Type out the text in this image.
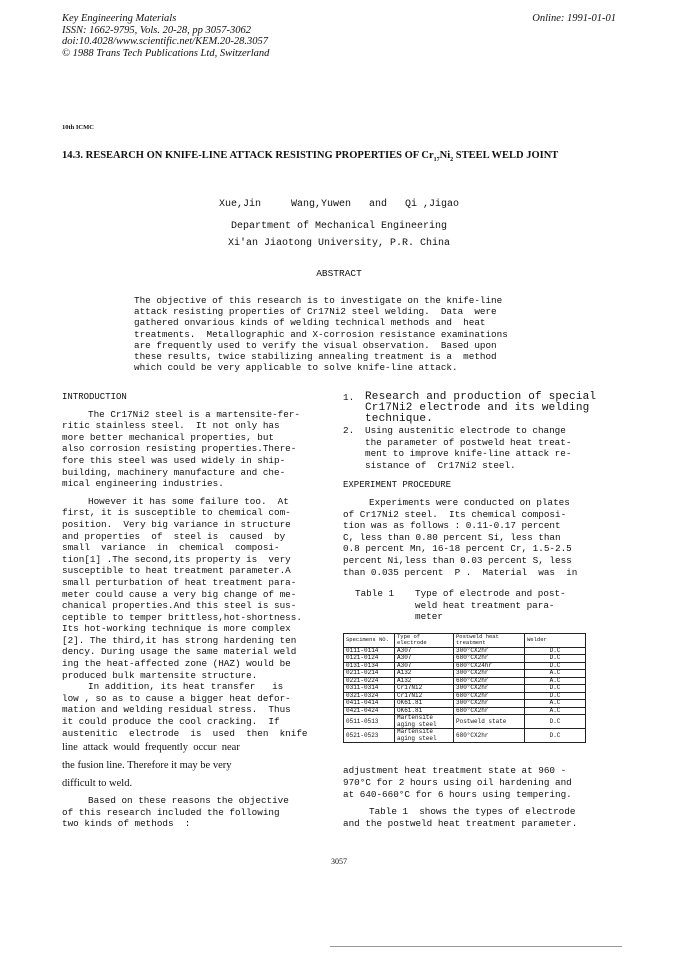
Key Engineering Materials
ISSN: 1662-9795, Vols. 20-28, pp 3057-3062
doi:10.4028/www.scientific.net/KEM.20-28.3057
© 1988 Trans Tech Publications Ltd, Switzerland
Online: 1991-01-01
10th ICMC
14.3. RESEARCH ON KNIFE-LINE ATTACK RESISTING PROPERTIES OF $Cr_{17}Ni_2$ STEEL WELD JOINT
Xue,Jin     Wang,Yuwen   and   Qi ,Jigao
Department of Mechanical Engineering
Xi'an Jiaotong University, P.R. China
ABSTRACT
The objective of this research is to investigate on the knife-line
attack resisting properties of Cr17Ni2 steel welding.  Data  were
gathered onvarious kinds of welding technical methods and  heat
treatments.  Metallographic and X-corrosion resistance examinations
are frequently used to verify the visual observation.  Based upon
these results, twice stabilizing annealing treatment is a  method
which could be very applicable to solve knife-line attack.
INTRODUCTION
The Cr17Ni2 steel is a martensite-fer-
ritic stainless steel.  It not only has
more better mechanical properties, but
also corrosion resisting properties.There-
fore this steel was used widely in ship-
building, machinery manufacture and che-
mical engineering industries.
However it has some failure too.  At
first, it is susceptible to chemical com-
position.  Very big variance in structure
and properties  of  steel is  caused  by
small  variance  in  chemical  composi-
tion[1] .The second,its property is  very
susceptible to heat treatment parameter.A
small perturbation of heat treatment para-
meter could cause a very big change of me-
chanical properties.And this steel is sus-
ceptible to temper brittless,hot-shortness.
Its hot-working technique is more complex
[2]. The third,it has strong hardening ten
dency. During usage the same material weld
ing the heat-affected zone (HAZ) would be
produced bulk martensite structure.
In addition, its heat transfer   is
low , so as to cause a bigger heat defor-
mation and welding residual stress.  Thus
it could produce the cool cracking.  If
austenitic  electrode  is  used  then  knife
line  attack  would  frequently  occur  near
the fusion line. Therefore it may be very
difficult to weld.
Based on these reasons the objective
of this research included the following
two kinds of methods  :
1. Research and production of special
Cr17Ni2 electrode and its welding
technique.
2.	Using austenitic electrode to change
the parameter of postweld heat treat-
ment to improve knife-line attack re-
sistance of  Cr17Ni2 steel.
EXPERIMENT PROCEDURE
Experiments were conducted on plates
of Cr17Ni2 steel.  Its chemical composi-
tion was as follows : 0.11-0.17 percent
C, less than 0.80 percent Si, less than
0.8 percent Mn, 16-18 percent Cr, 1.5-2.5
percent Ni,less than 0.03 percent S, less
than 0.035 percent  P .  Material  was  in
Table 1	Type of electrode and post-
weld heat treatment para-
meter
Specimens NO.	Type of electrode	Postweld heat treatment	Welder
0111-0114	A307	300°CX2hr	D.C
0121-0124	A307	680°CX2hr	D.C
0131-0134	A307	680°CX24hr	D.C
0211-0214	A132	300°CX2hr	A.C
0221-0224	A132	680°CX2hr	A.C
0311-0314	Cr17Ni2	300°CX2hr	D.C
0321-0324	Cr17Ni2	680°CX2hr	D.C
0411-0414	OK61.81	300°CX2hr	A.C
0421-0424	OK61.81	680°CX2hr	A.C
0511-0513	Martensite aging steel	Postweld state	D.C
0521-0523	Martensite aging steel	680°CX2hr	D.C
adjustment heat treatment state at 960 -
970°C for 2 hours using oil hardening and
at 640-660°C for 6 hours using tempering.
Table 1  shows the types of electrode
and the postweld heat treatment parameter.
3057
